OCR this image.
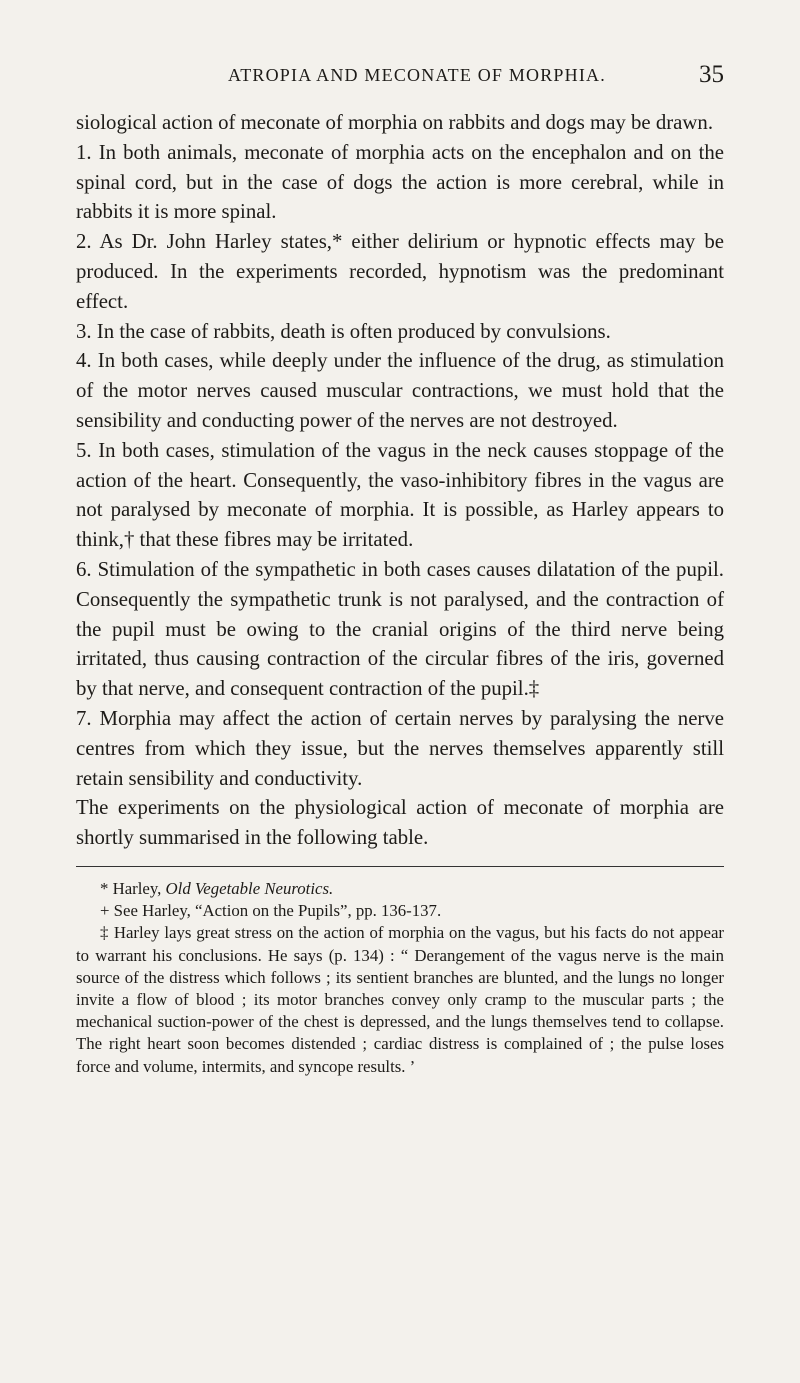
ATROPIA AND MECONATE OF MORPHIA.	35

siological action of meconate of morphia on rabbits and dogs may be drawn.

1. In both animals, meconate of morphia acts on the encephalon and on the spinal cord, but in the case of dogs the action is more cerebral, while in rabbits it is more spinal.

2. As Dr. John Harley states,* either delirium or hypnotic effects may be produced. In the experiments recorded, hypnotism was the predominant effect.

3. In the case of rabbits, death is often produced by convulsions.

4. In both cases, while deeply under the influence of the drug, as stimulation of the motor nerves caused muscular contractions, we must hold that the sensibility and conducting power of the nerves are not destroyed.

5. In both cases, stimulation of the vagus in the neck causes stoppage of the action of the heart. Consequently, the vaso-inhibitory fibres in the vagus are not paralysed by meconate of morphia. It is possible, as Harley appears to think,† that these fibres may be irritated.

6. Stimulation of the sympathetic in both cases causes dilatation of the pupil. Consequently the sympathetic trunk is not paralysed, and the contraction of the pupil must be owing to the cranial origins of the third nerve being irritated, thus causing contraction of the circular fibres of the iris, governed by that nerve, and consequent contraction of the pupil.‡

7. Morphia may affect the action of certain nerves by paralysing the nerve centres from which they issue, but the nerves themselves apparently still retain sensibility and conductivity.

The experiments on the physiological action of meconate of morphia are shortly summarised in the following table.

* Harley, Old Vegetable Neurotics.

+ See Harley, “Action on the Pupils”, pp. 136-137.

‡ Harley lays great stress on the action of morphia on the vagus, but his facts do not appear to warrant his conclusions. He says (p. 134) : “ Derangement of the vagus nerve is the main source of the distress which follows ; its sentient branches are blunted, and the lungs no longer invite a flow of blood ; its motor branches convey only cramp to the muscular parts ; the mechanical suction-power of the chest is depressed, and the lungs themselves tend to collapse. The right heart soon becomes distended ; cardiac distress is complained of ; the pulse loses force and volume, intermits, and syncope results. ’
